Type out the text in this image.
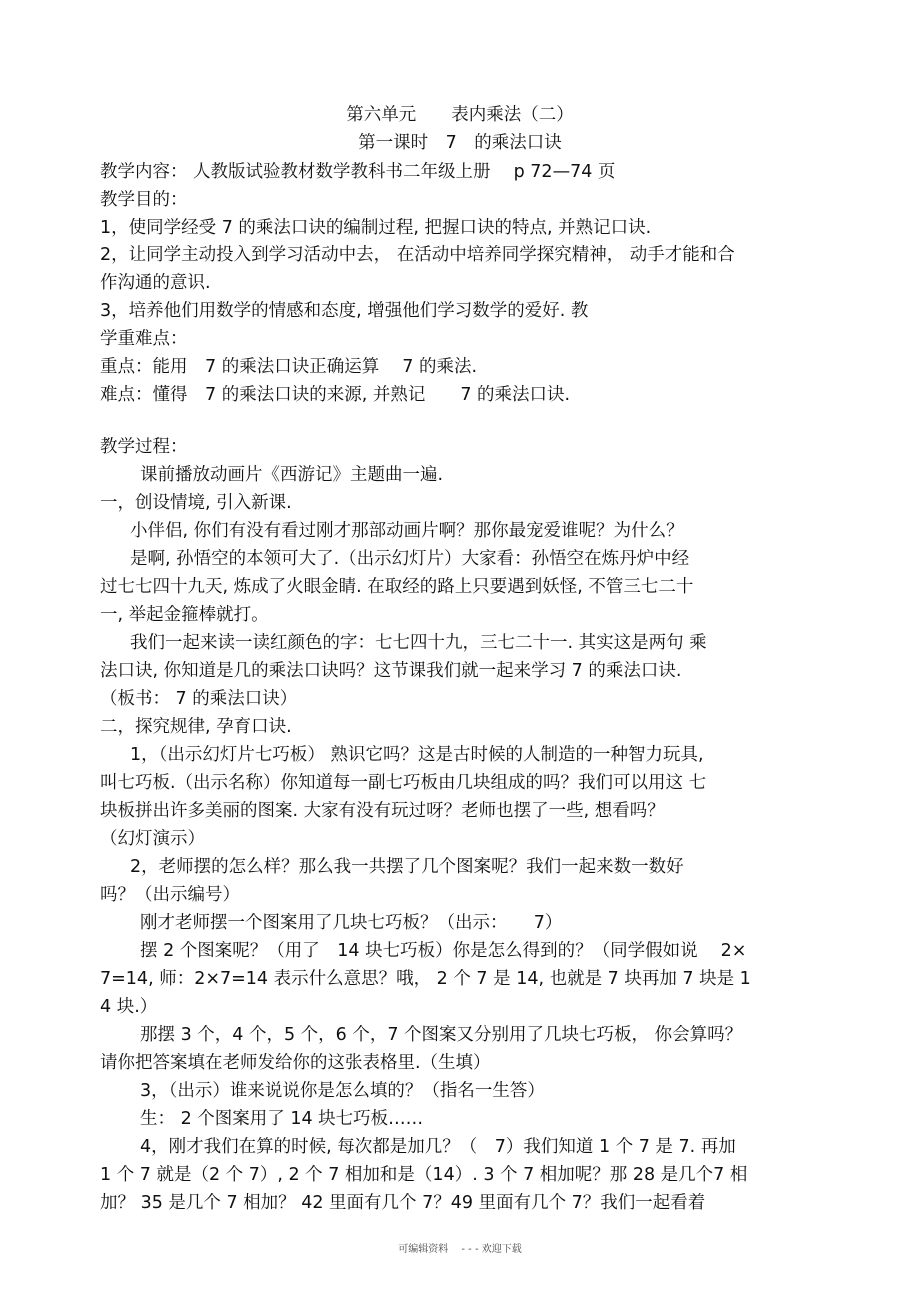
第六单元　　表内乘法（二）
第一课时　7　的乘法口诀
教学内容： 人教版试验教材数学教科书二年级上册　 p 72—74 页
教学目的：
1，使同学经受 7 的乘法口诀的编制过程, 把握口诀的特点, 并熟记口诀.
2，让同学主动投入到学习活动中去， 在活动中培养同学探究精神， 动手才能和合
作沟通的意识.
3，培养他们用数学的情感和态度, 增强他们学习数学的爱好. 教
学重难点：
重点：能用　7 的乘法口诀正确运算　 7 的乘法.
难点：懂得　7 的乘法口诀的来源, 并熟记　　7 的乘法口诀.
教学过程：
课前播放动画片《西游记》主题曲一遍.
一，创设情境, 引入新课.
小伴侣, 你们有没有看过刚才那部动画片啊？那你最宠爱谁呢？为什么？
是啊, 孙悟空的本领可大了.（出示幻灯片）大家看：孙悟空在炼丹炉中经
过七七四十九天, 炼成了火眼金睛. 在取经的路上只要遇到妖怪, 不管三七二十
一, 举起金箍棒就打。
我们一起来读一读红颜色的字：七七四十九，三七二十一. 其实这是两句 乘
法口诀, 你知道是几的乘法口诀吗？这节课我们就一起来学习 7 的乘法口诀.
（板书： 7 的乘法口诀）
二，探究规律, 孕育口诀.
1，（出示幻灯片七巧板） 熟识它吗？这是古时候的人制造的一种智力玩具,
叫七巧板.（出示名称）你知道每一副七巧板由几块组成的吗？我们可以用这 七
块板拼出许多美丽的图案. 大家有没有玩过呀？老师也摆了一些, 想看吗？
（幻灯演示）
2，老师摆的怎么样？那么我一共摆了几个图案呢？我们一起来数一数好
吗？（出示编号）
刚才老师摆一个图案用了几块七巧板？（出示：　　7）
摆 2 个图案呢？（用了　14 块七巧板）你是怎么得到的？（同学假如说　 2×
7=14, 师：2×7=14 表示什么意思？哦， 2 个 7 是 14, 也就是 7 块再加 7 块是 1
4 块.）
那摆 3 个，4 个，5 个，6 个，7 个图案又分别用了几块七巧板， 你会算吗？
请你把答案填在老师发给你的这张表格里.（生填）
3，（出示）谁来说说你是怎么填的？（指名一生答）
生： 2 个图案用了 14 块七巧板……
4，刚才我们在算的时候, 每次都是加几？（　7）我们知道 1 个 7 是 7. 再加
1 个 7 就是（2 个 7）, 2 个 7 相加和是（14）. 3 个 7 相加呢？那 28 是几个7 相
加？ 35 是几个 7 相加？ 42 里面有几个 7？49 里面有几个 7？我们一起看着
可编辑资料　 - - - 欢迎下载
